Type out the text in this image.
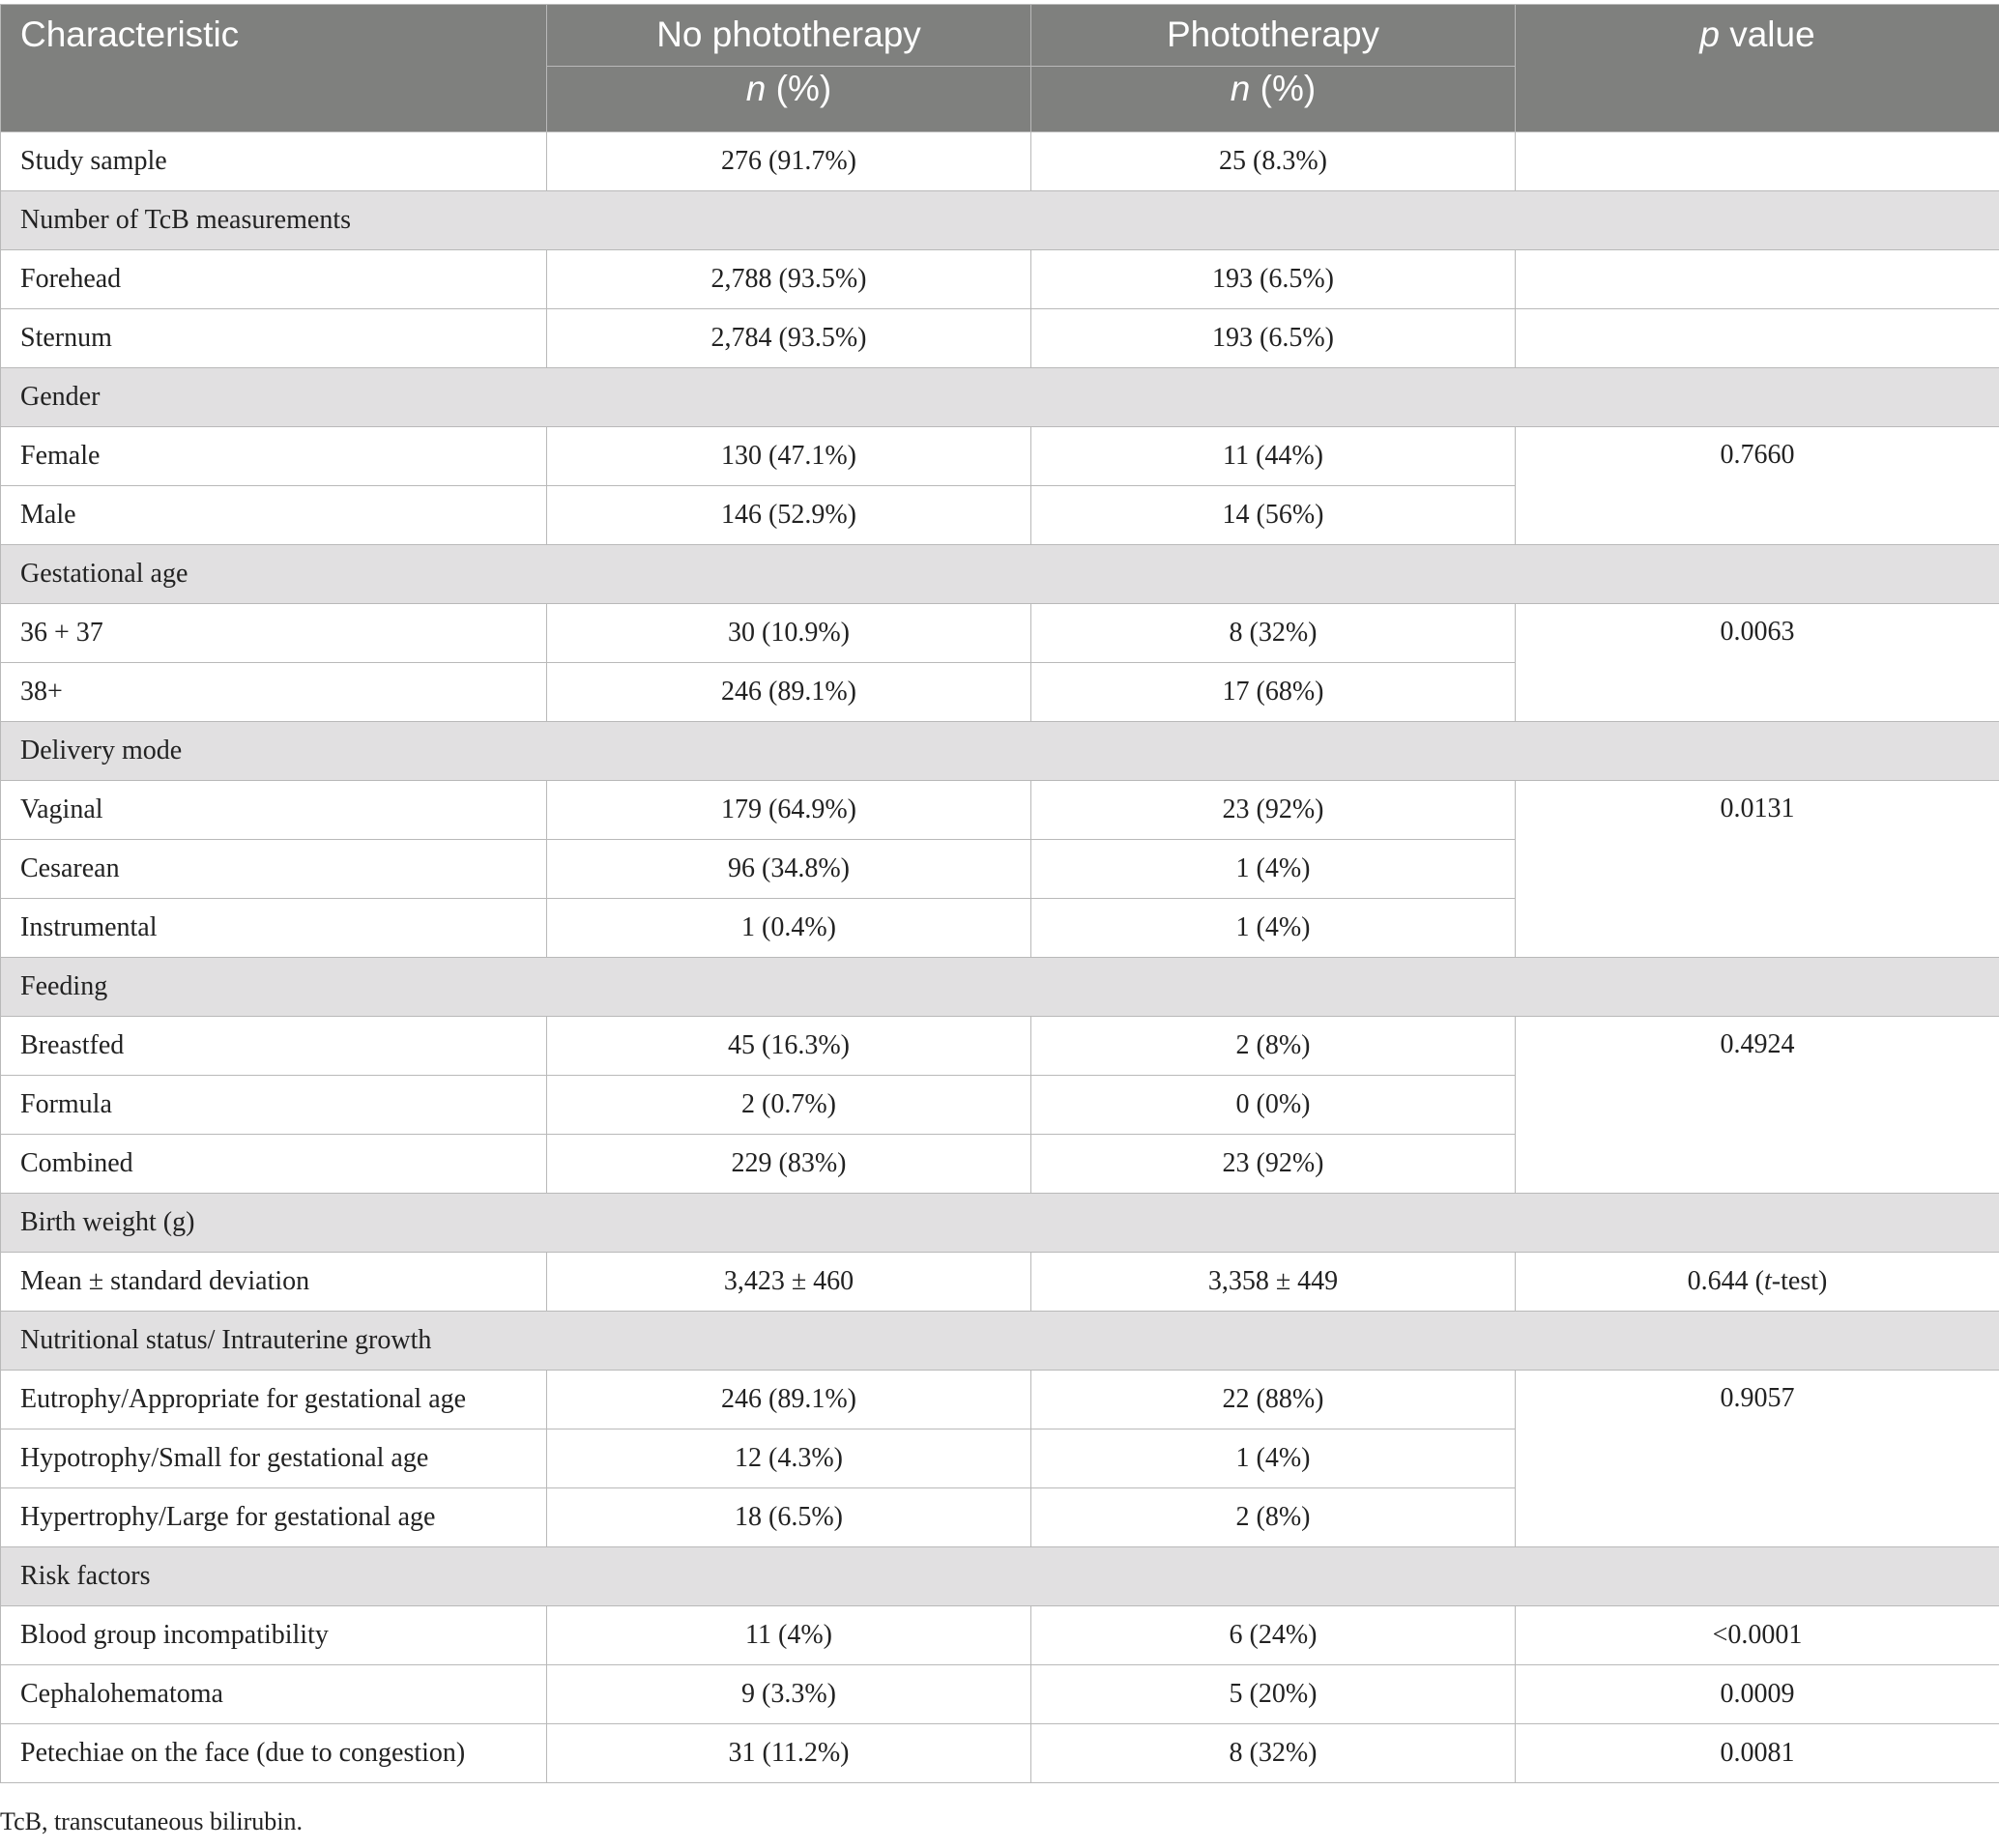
Characteristic	No phototherapy	Phototherapy	p value
	n (%)	n (%)	
Study sample	276 (91.7%)	25 (8.3%)	
Number of TcB measurements			
Forehead	2,788 (93.5%)	193 (6.5%)	
Sternum	2,784 (93.5%)	193 (6.5%)	
Gender			
Female	130 (47.1%)	11 (44%)	0.7660
Male	146 (52.9%)	14 (56%)	
Gestational age			
36 + 37	30 (10.9%)	8 (32%)	0.0063
38+	246 (89.1%)	17 (68%)	
Delivery mode			
Vaginal	179 (64.9%)	23 (92%)	0.0131
Cesarean	96 (34.8%)	1 (4%)	
Instrumental	1 (0.4%)	1 (4%)	
Feeding			
Breastfed	45 (16.3%)	2 (8%)	0.4924
Formula	2 (0.7%)	0 (0%)	
Combined	229 (83%)	23 (92%)	
Birth weight (g)			
Mean ± standard deviation	3,423 ± 460	3,358 ± 449	0.644 (t-test)
Nutritional status/ Intrauterine growth			
Eutrophy/Appropriate for gestational age	246 (89.1%)	22 (88%)	0.9057
Hypotrophy/Small for gestational age	12 (4.3%)	1 (4%)	
Hypertrophy/Large for gestational age	18 (6.5%)	2 (8%)	
Risk factors			
Blood group incompatibility	11 (4%)	6 (24%)	<0.0001
Cephalohematoma	9 (3.3%)	5 (20%)	0.0009
Petechiae on the face (due to congestion)	31 (11.2%)	8 (32%)	0.0081
TcB, transcutaneous bilirubin.
